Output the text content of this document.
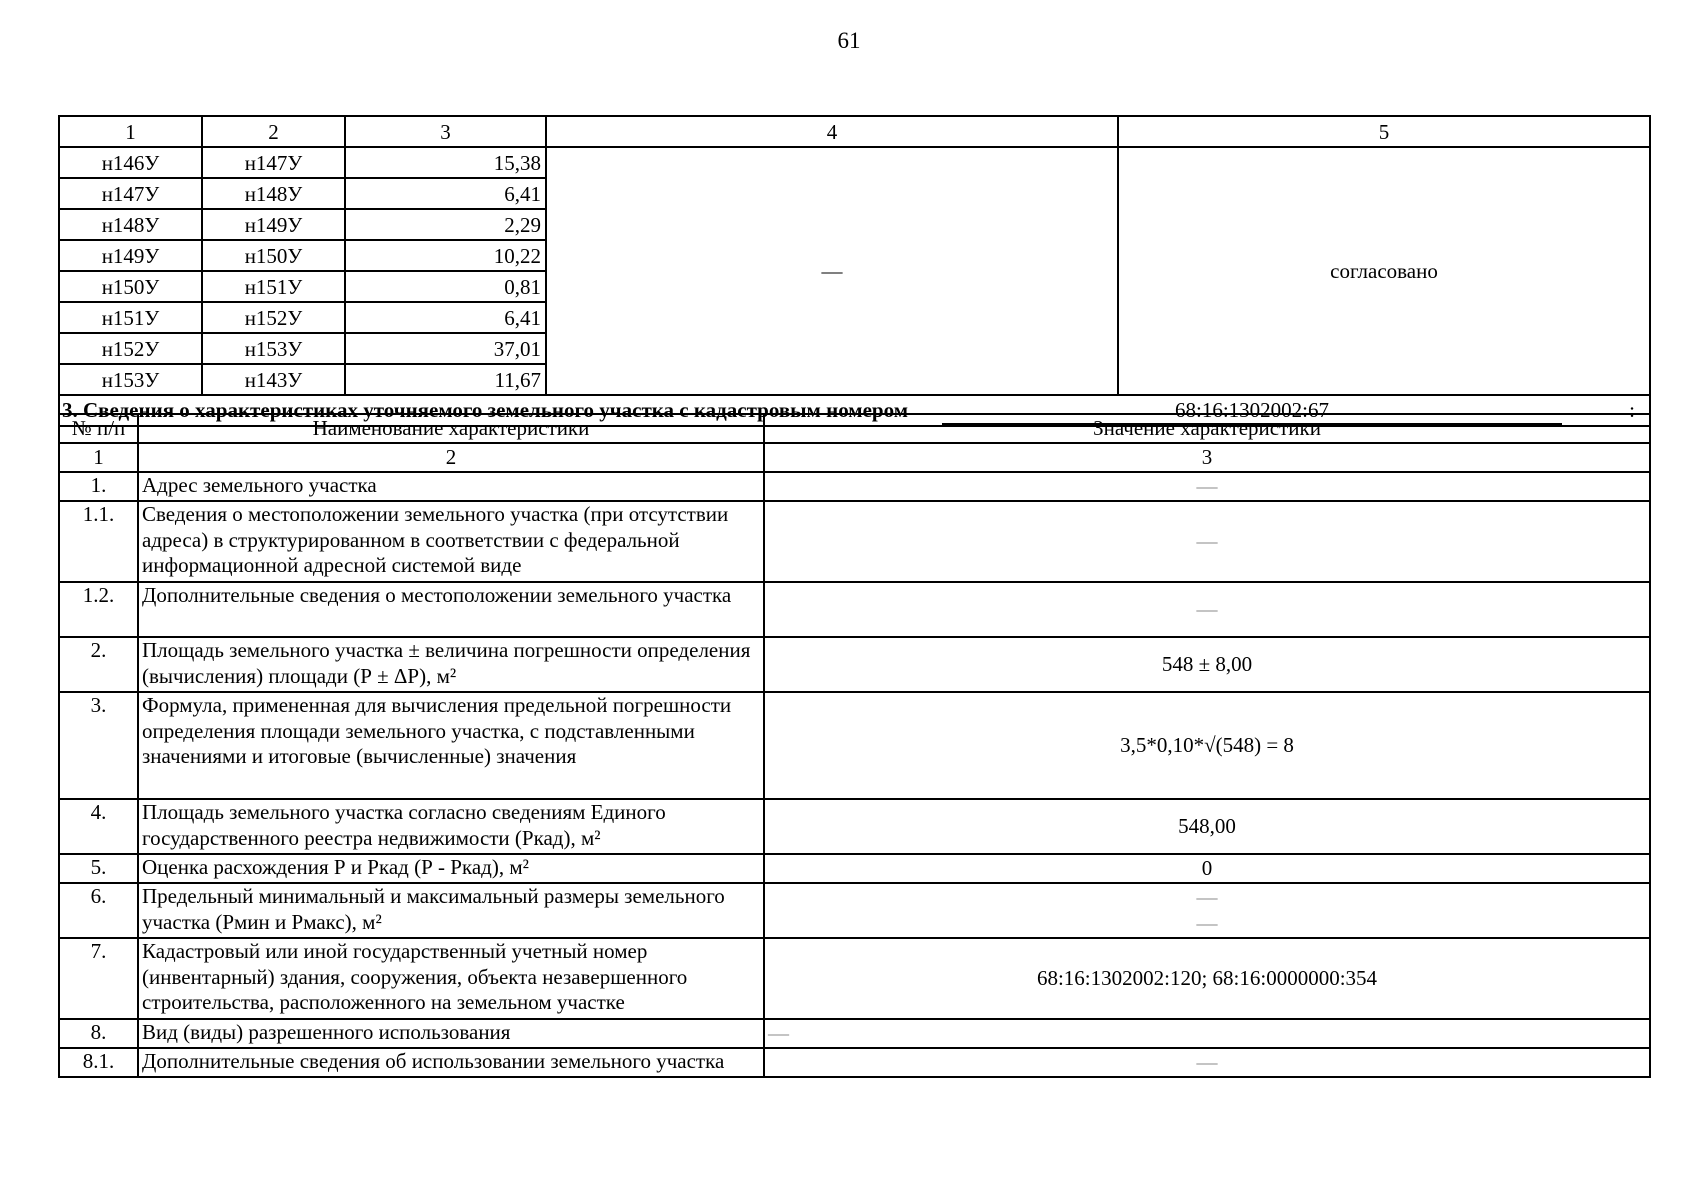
61
1	2	3	4	5
н146У	н147У	15,38	—	согласовано
н147У	н148У	6,41		
н148У	н149У	2,29		
н149У	н150У	10,22		
н150У	н151У	0,81		
н151У	н152У	6,41		
н152У	н153У	37,01		
н153У	н143У	11,67		
3. Сведения о характеристиках уточняемого земельного участка с кадастровым номером 68:16:1302002:67 :				
№ п/п	Наименование характеристики	Значение характеристики
1	2	3
1.	Адрес земельного участка	—
1.1.	Сведения о местоположении земельного участка (при отсутствии адреса) в структурированном в соответствии с федеральной информационной адресной системой виде	—
1.2.	Дополнительные сведения о местоположении земельного участка	—
2.	Площадь земельного участка ± величина погрешности определения (вычисления) площади (Р ± ΔР), м²	548 ± 8,00
3.	Формула, примененная для вычисления предельной погрешности определения площади земельного участка, с подставленными значениями и итоговые (вычисленные) значения	3,5*0,10*√(548) = 8
4.	Площадь земельного участка согласно сведениям Единого государственного реестра недвижимости (Ркад), м²	548,00
5.	Оценка расхождения Р и Ркад (Р - Ркад), м²	0
6.	Предельный минимальный и максимальный размеры земельного участка (Рмин и Рмакс), м²	—
—

7.	Кадастровый или иной государственный учетный номер (инвентарный) здания, сооружения, объекта незавершенного строительства, расположенного на земельном участке	68:16:1302002:120; 68:16:0000000:354
8.	Вид (виды) разрешенного использования	—
8.1.	Дополнительные сведения об использовании земельного участка	—
